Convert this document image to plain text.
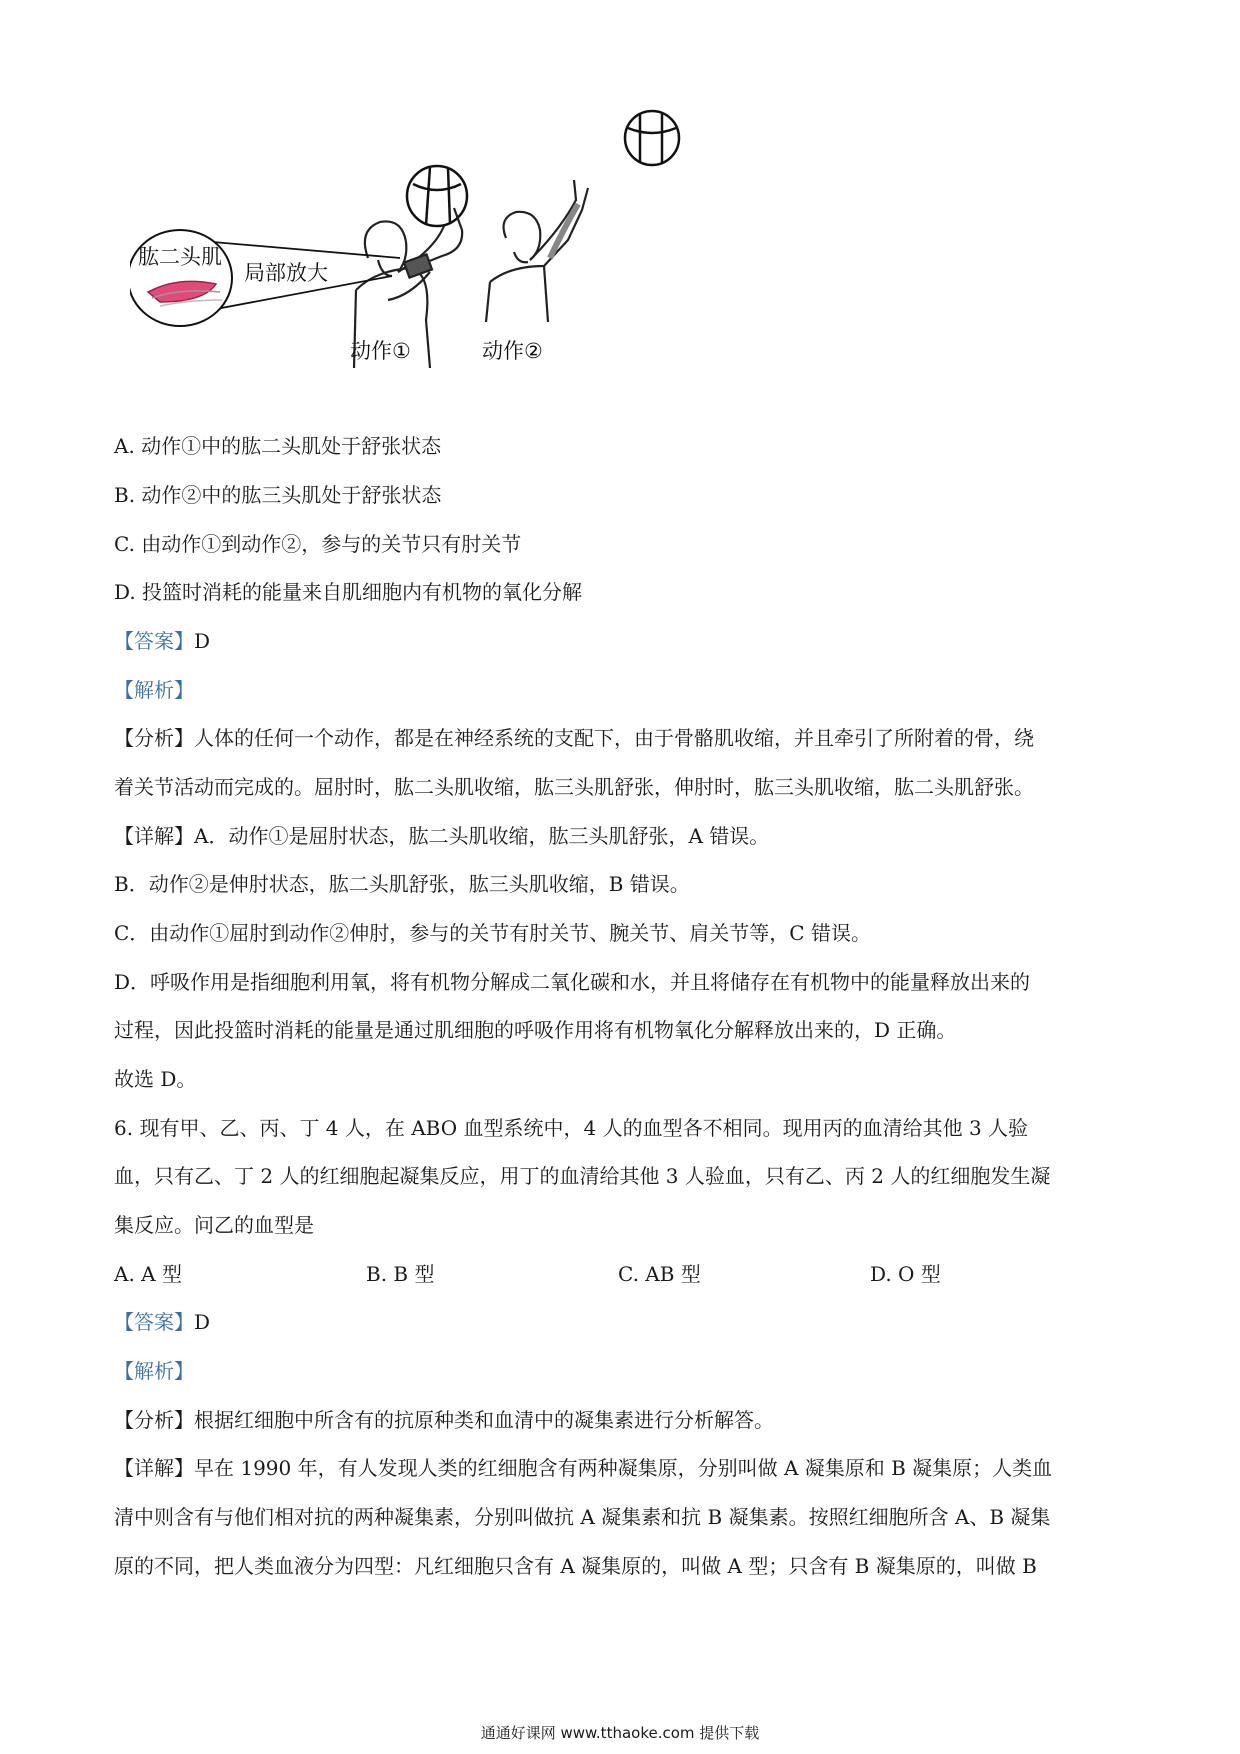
肱二头肌
局部放大
动作①	动作②
A. 动作①中的肱二头肌处于舒张状态
B. 动作②中的肱三头肌处于舒张状态
C. 由动作①到动作②，参与的关节只有肘关节
D. 投篮时消耗的能量来自肌细胞内有机物的氧化分解
【答案】D
【解析】
【分析】人体的任何一个动作，都是在神经系统的支配下，由于骨骼肌收缩，并且牵引了所附着的骨，绕
着关节活动而完成的。屈肘时，肱二头肌收缩，肱三头肌舒张，伸肘时，肱三头肌收缩，肱二头肌舒张。
【详解】A．动作①是屈肘状态，肱二头肌收缩，肱三头肌舒张，A 错误。
B．动作②是伸肘状态，肱二头肌舒张，肱三头肌收缩，B 错误。
C．由动作①屈肘到动作②伸肘，参与的关节有肘关节、腕关节、肩关节等，C 错误。
D．呼吸作用是指细胞利用氧，将有机物分解成二氧化碳和水，并且将储存在有机物中的能量释放出来的
过程，因此投篮时消耗的能量是通过肌细胞的呼吸作用将有机物氧化分解释放出来的，D 正确。
故选 D。
6. 现有甲、乙、丙、丁 4 人，在 ABO 血型系统中，4 人的血型各不相同。现用丙的血清给其他 3 人验
血，只有乙、丁 2 人的红细胞起凝集反应，用丁的血清给其他 3 人验血，只有乙、丙 2 人的红细胞发生凝
集反应。问乙的血型是
A. A 型	B. B 型	C. AB 型	D. O 型
【答案】D
【解析】
【分析】根据红细胞中所含有的抗原种类和血清中的凝集素进行分析解答。
【详解】早在 1990 年，有人发现人类的红细胞含有两种凝集原，分别叫做 A 凝集原和 B 凝集原；人类血
清中则含有与他们相对抗的两种凝集素，分别叫做抗 A 凝集素和抗 B 凝集素。按照红细胞所含 A、B 凝集
原的不同，把人类血液分为四型：凡红细胞只含有 A 凝集原的，叫做 A 型；只含有 B 凝集原的，叫做 B
通通好课网 www.tthaoke.com 提供下载
